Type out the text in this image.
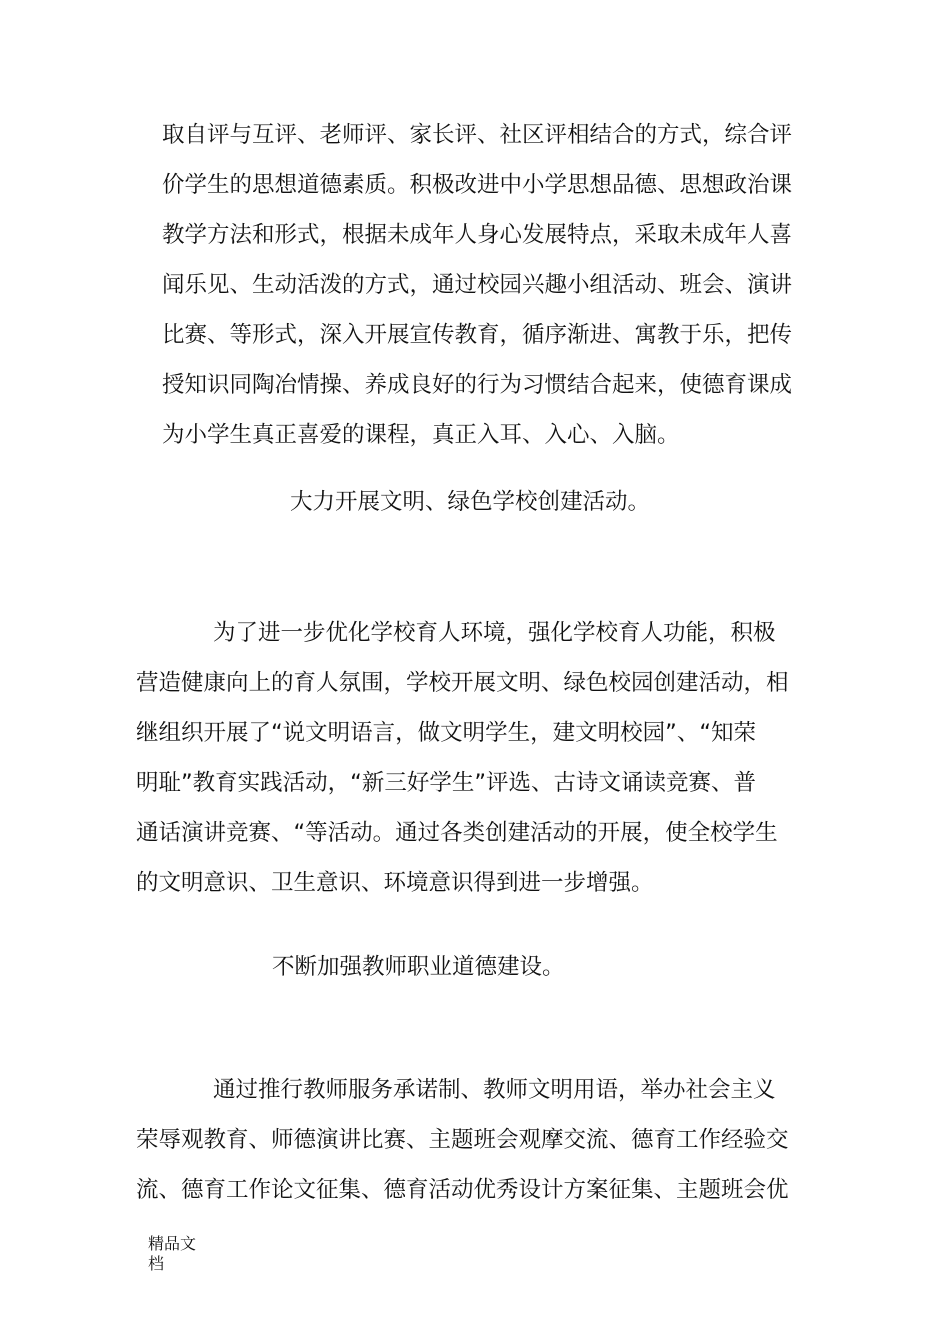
取自评与互评、老师评、家长评、社区评相结合的方式，综合评
价学生的思想道德素质。积极改进中小学思想品德、思想政治课
教学方法和形式，根据未成年人身心发展特点，采取未成年人喜
闻乐见、生动活泼的方式，通过校园兴趣小组活动、班会、演讲
比赛、等形式，深入开展宣传教育，循序渐进、寓教于乐，把传
授知识同陶冶情操、养成良好的行为习惯结合起来，使德育课成
为小学生真正喜爱的课程，真正入耳、入心、入脑。
大力开展文明、绿色学校创建活动。
为了进一步优化学校育人环境，强化学校育人功能，积极
营造健康向上的育人氛围，学校开展文明、绿色校园创建活动，相
继组织开展了“说文明语言，做文明学生，建文明校园”、“知荣
明耻”教育实践活动，“新三好学生”评选、古诗文诵读竞赛、普
通话演讲竞赛、“等活动。通过各类创建活动的开展，使全校学生
的文明意识、卫生意识、环境意识得到进一步增强。
不断加强教师职业道德建设。
通过推行教师服务承诺制、教师文明用语，举办社会主义
荣辱观教育、师德演讲比赛、主题班会观摩交流、德育工作经验交
流、德育工作论文征集、德育活动优秀设计方案征集、主题班会优
精品文
档
